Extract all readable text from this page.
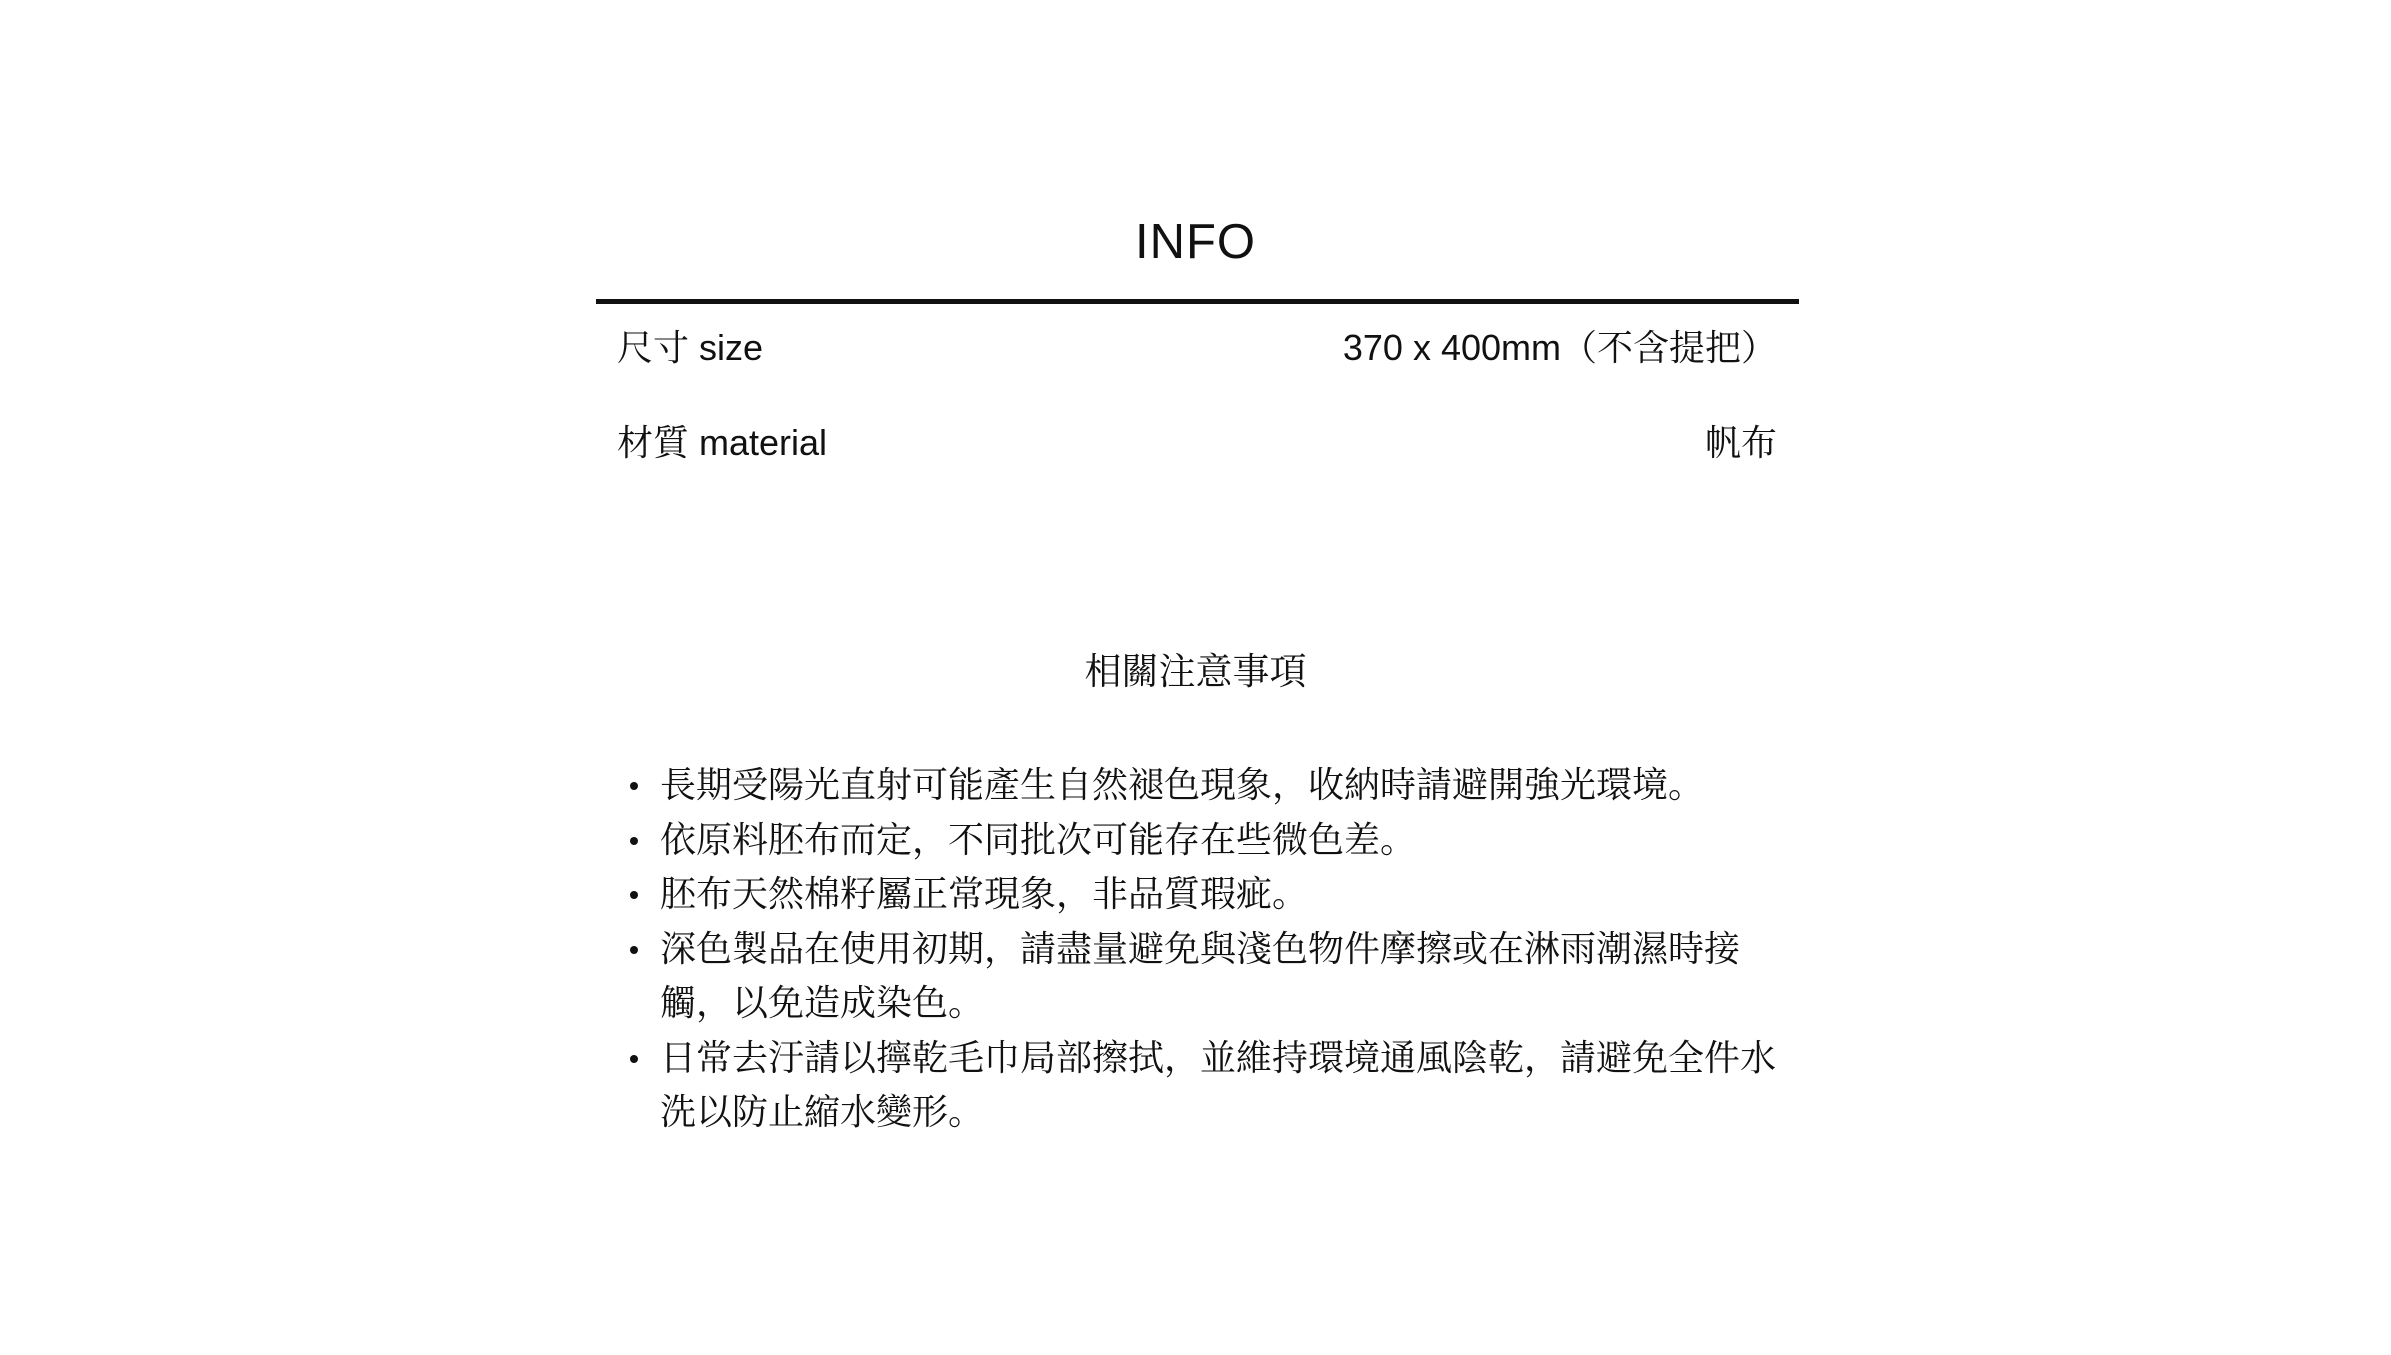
INFO
尺寸 size	370 x 400mm（不含提把）
材質 material	帆布
相關注意事項
長期受陽光直射可能產生自然褪色現象，收納時請避開強光環境。
依原料胚布而定，不同批次可能存在些微色差。
胚布天然棉籽屬正常現象，非品質瑕疵。
深色製品在使用初期，請盡量避免與淺色物件摩擦或在淋雨潮濕時接觸，以免造成染色。
日常去汙請以擰乾毛巾局部擦拭，並維持環境通風陰乾，請避免全件水洗以防止縮水變形。
